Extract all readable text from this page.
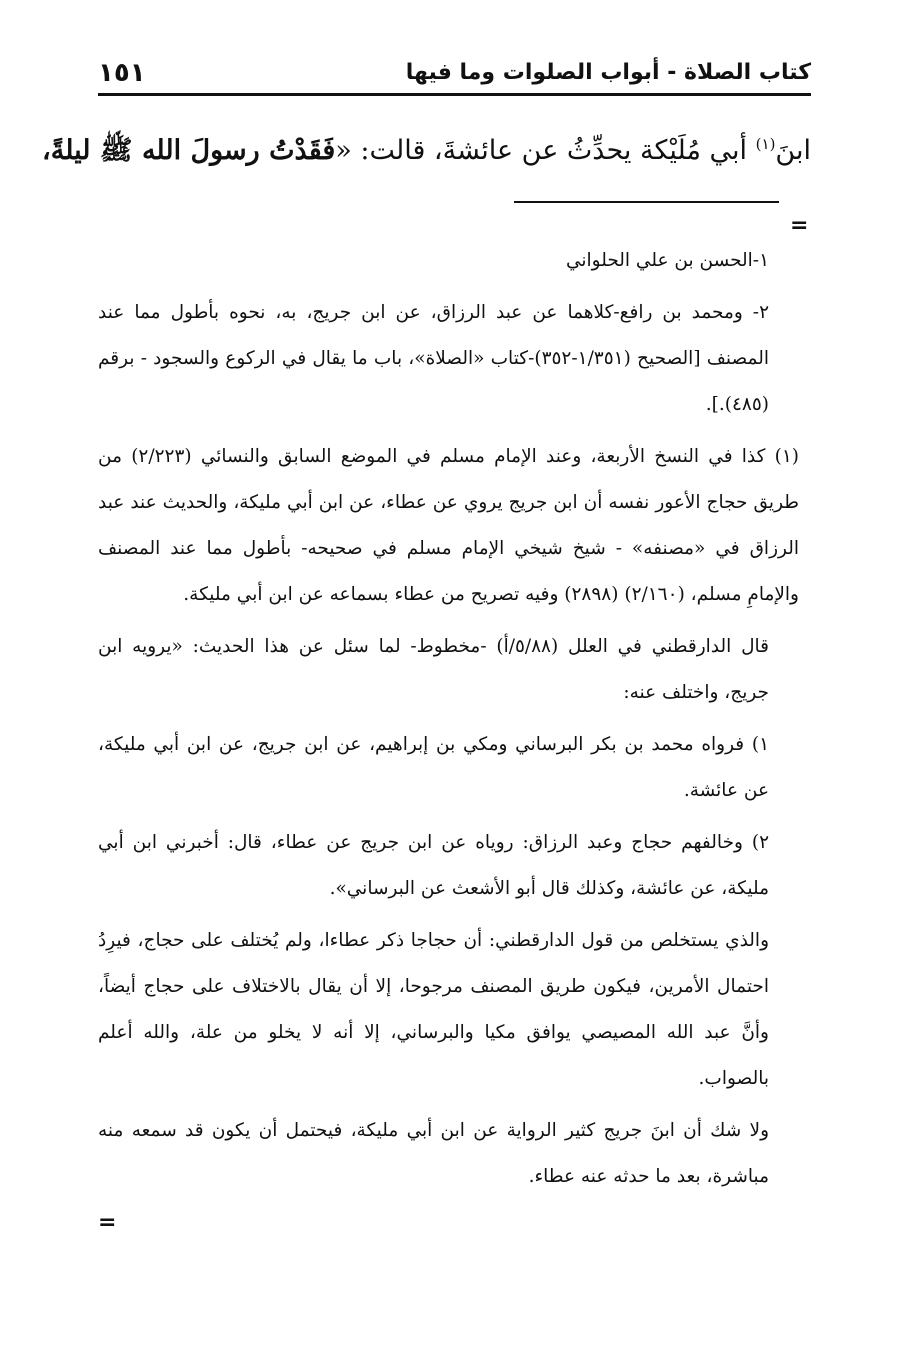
١٥١	كتاب الصلاة - أبواب الصلوات وما فيها
ابنَ$^{(١)}$ أبي مُلَيْكة يحدِّثُ عن عائشةَ، قالت: «فَقَدْتُ رسولَ الله ﷺ ليلةً،
=

١-الحسن بن علي الحلواني

٢- ومحمد بن رافع-كلاهما عن عبد الرزاق، عن ابن جريج، به، نحوه بأطول مما عند المصنف [الصحيح (١/٣٥١-٣٥٢)-كتاب «الصلاة»، باب ما يقال في الركوع والسجود - برقم (٤٨٥).].

(١) كذا في النسخ الأربعة، وعند الإمام مسلم في الموضع السابق والنسائي (٢/٢٢٣) من طريق حجاج الأعور نفسه أن ابن جريج يروي عن عطاء، عن ابن أبي مليكة، والحديث عند عبد الرزاق في «مصنفه» - شيخ شيخي الإمام مسلم في صحيحه- بأطول مما عند المصنف والإمامِ مسلم، (٢/١٦٠) (٢٨٩٨) وفيه تصريح من عطاء بسماعه عن ابن أبي مليكة.

قال الدارقطني في العلل (٥/٨٨/أ) -مخطوط- لما سئل عن هذا الحديث: «يرويه ابن جريج، واختلف عنه:

١) فرواه محمد بن بكر البرساني ومكي بن إبراهيم، عن ابن جريج، عن ابن أبي مليكة، عن عائشة.

٢) وخالفهم حجاج وعبد الرزاق: روياه عن ابن جريج عن عطاء، قال: أخبرني ابن أبي مليكة، عن عائشة، وكذلك قال أبو الأشعث عن البرساني».

والذي يستخلص من قول الدارقطني: أن حجاجا ذكر عطاءا، ولم يُختلف على حجاج، فيرِدُ احتمال الأمرين، فيكون طريق المصنف مرجوحا، إلا أن يقال بالاختلاف على حجاج أيضاً، وأنَّ عبد الله المصيصي يوافق مكيا والبرساني، إلا أنه لا يخلو من علة، والله أعلم بالصواب.

ولا شك أن ابنَ جريج كثير الرواية عن ابن أبي مليكة، فيحتمل أن يكون قد سمعه منه مباشرة، بعد ما حدثه عنه عطاء.

=
